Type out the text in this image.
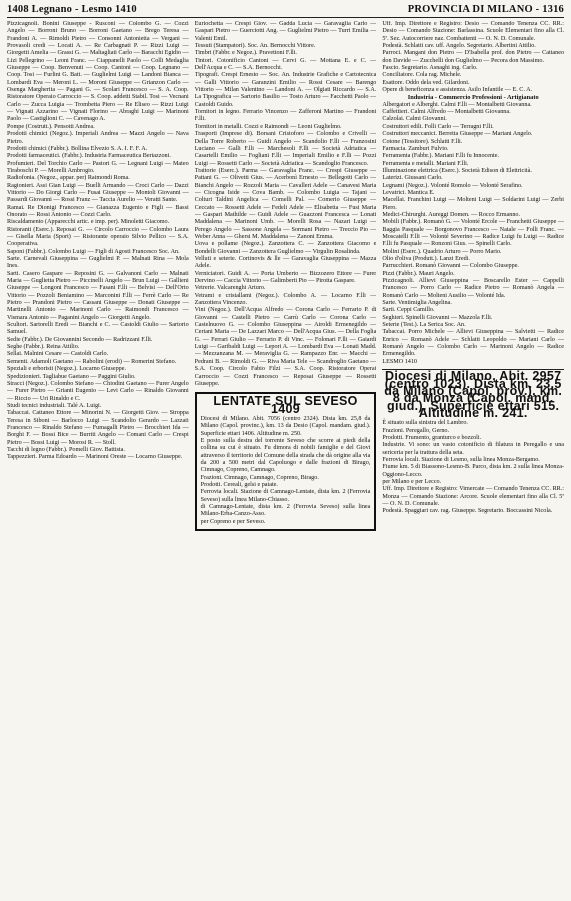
1408 Legnano - Lesmo 1410	PROVINCIA DI MILANO - 1316

Pizzicagnoli. Bonini Giuseppe - Rusconi — Colombo G. — Cozzi Angelo — Borroni Bruno — Borroni Gaetano — Brego Teresa — Frandoni A. — Rimoldi Pietro — Consonni Antonietta — Vergani — Provasoli credi — Locati A. — Re Carbagnati P. — Rizzi Luigi — Giorgetti Amelia — Grassi G. — Maltagliati Carlo — Baracchi Egidio — Lizi Pellegrino — Leoni Franc. — Ciappanelli Paolo — Colli Medaglia Giuseppe — Coop. Benvenuti — Coop. Cantoni — Coop. Legnano — Coop. Tosi — Furlini G. Batt. — Guglielmi Luigi — Landoni Bianca — Lombardi Eva — Meroni L. — Moroni Giuseppe — Grianzon Carlo — Osenga Margherita — Pagani G. — Scolari Francesco — S. A. Coop. Ristoratore Operaio Carroccio — S. Coop. addetti Stabil. Tosi — Vecnani Carlo — Zucca Luigia — Trombetta Piero — Re Eliseo — Rizzi Luigi — Vignati Azzarino — Vignati Florino — Abraghi Luigi — Marinoni Paolo — Castiglioni C. — Cavenago A.

Pompe (Costrutt.). Pensotti Andrea.

Prodotti chimici (Negoz.). Imperiali Andrea — Mazzi Angelo — Nava Pietro.

Prodotti chimici (Fabbr.). Bollina Elvezio S. A. I. F. F. A.

Prodotti farmaceutici. (Fabbr.). Industria Farmaceutica Bertazzoni.

Profumieri. Del Torchio Carlo — Pastori G. — Legnani Luigi — Mateo Tiraboschi P. — Morelli Ambrogio.

Radiofonia. (Negoz., appar. per) Raimondi Roma.

Ragionieri. Assi Gian Luigi — Buelli Armando — Croci Carlo — Dazzi Vittorio — Do Giorgi Carlo — Fusai Giuseppe — Montoli Giovanni — Passardi Giovanni — Rossi Franz — Taccia Aurelio — Veratti Sante.

Ramai. Re Dionigi Francesco — Gianazza Eugenio e Figli — Bassi Onorato — Rossi Antonio — Cozzi Carlo.

Riscaldamento (Apparecchi artic. e imp. per). Minoletti Giacomo.

Ristoranti (Eserc.). Reposai G. — Circolo Carroccio — Colombo Laura — Gisella Maria (Sport) — Ristorante operaio Silvio Pellico — S.A. Cooperativa.

Saponi (Fabbr.). Colombo Luigi — Figli di Agosti Francesco Soc. An.

Sarte. Carnevali Giuseppina — Guglielmi P. — Malnati Rina — Mola Ines.

Sarti. Casero Gaspare — Reposini G. — Galvanoni Carlo — Malnati Maria — Guglietta Pietro — Piccinelli Angelo — Brun Luigi — Gallieni Giuseppe — Longoni Francesco — Fasani F.lli — Belvisi — Dell'Orto Vittorio — Pozzoli Beniamino — Marconini F.lli — Ferrè Carlo — Re Pietro — Prandoni Pietro — Cassani Giuseppe — Donati Giuseppe — Martinelli Antonio — Marinoni Carlo — Raimondi Francesco — Vismara Antonio — Paganini Angelo — Giorgetti Angelo.

Scultori. Sartorelli Eredi — Bianchi e C. — Castoldi Giulio — Sartorio Samuel.

Sedie (Fabbr.). De Giovannini Secondo — Radrizzani F.lli.

Seghe (Fabbr.). Reina Attilio.

Sellai. Malnini Cesare — Castoldi Carlo.

Sementi. Adamoli Gaetano — Rabolini (erodi) — Romerini Stefano.

Speziali e erboristi (Negoz.). Locarno Giuseppe.

Spedizionieri. Tagliabue Gaetano — Paggini Giulio.

Stracci (Negoz.). Colombo Stefano — Chiodini Gaetano — Furer Angelo — Furer Pietro — Grianti Eugenio — Levi Carlo — Rinaldo Giovanni — Riccio — Uri Rinaldo e C.

Studi tecnici industriali. Talé A. Luigi.

Tabaccai. Cattaneo Ettore — Minorini N. — Giorgetti Giov. — Stroppa Teresa in Siboni — Barlocco Luigi — Scandolio Gerardo — Lazzati Francesco — Rinaldo Stefano — Fumagalli Pietro — Brocchieri Ida — Borghi F. — Bossi Bice — Burriti Angelo — Comani Carlo — Crespi Pietro — Bossi Luigi — Morosi R. — Stoll.

Tacchi di legno (Fabbr.). Pomelli Giov. Battista.

Tappezzieri. Parma Edoardo — Marinoni Oreste — Locarno Giuseppe.

Euriochetta — Crespi Giov. — Gadda Lucia — Garavaglia Carlo — Gaspari Pietro — Guerciotti Ang. — Guglielmi Pietro — Turri Emilia — Valenti Emil.

Tessuti (Stampatori). Soc. An. Bernocchi Vittore.

Timbri (Fabbr. e Negoz.). Pravettoni F.lli.

Tintori. Cotonificio Cantoni — Cervi G. — Mottana E. e C. — Dell'Acqua e C. — S.A. Bernocchi.

Tipografi. Crespi Ernesto — Soc. An. Industrie Grafiche e Cartotecnica — Galli Vittorio — Garanzini Emilio — Rossi Cesare — Barengo Vittorio — Milan Valentino — Landoni A. — Olgiati Riccardo — S.A. La Tipografica — Sartorio Basilio — Tosto Arturo — Facchetti Paolo — Castoldi Guido.

Tornitori in legno. Ferrario Vincenzo — Zafferoni Martino — Frandoni F.lli.

Tornitori in metalli. Cozzi e Raimondi — Leoni Guglielmo.

Trasporti (Imprese di). Borsani Cristoforo — Colombo e Crivelli — Della Torre Roberto — Guidi Angelo — Scandolio F.lli — Franzosini Luciano — Galli F.lli — Marchesoli F.lli — Società Adriatica — Casartelli Emilio — Fogliani F.lli — Imperiali Emilio e F.lli — Pozzi Luigi — Rossetti Carlo — Società Adriatica — Scandoglio Francesco.

Trattorie (Eserc.). Parma — Garavaglia Franc. — Crespi Giuseppe — Pattani G. — Olivetti Gius. — Acerbonì Ernesto — Bellegotti Carlo — Bianchi Angelo — Rozzoli Maria — Cavalleri Adele — Canavesi Maria — Cicogna Iside — Cova Bamb. — Colombo Luigia — Tajani — Colturi Taldini Angelica — Comelli Pal. — Comerio Giuseppe — Ceccato — Rossetti Adele — Fedeli Adele — Elisabetta — Fusi Maria — Gaspari Mathilde — Guidi Adele — Guazzoni Francesca — Lonati Maddalena — Marinoni Umb. — Morelli Rosa — Nazari Luigi — Perego Angelo — Sassone Angela — Sormani Pietro — Treccio Pio — Weber Anna — Ghersi M. Maddalena — Zanoni Emma.

Uova e pollame (Negoz.). Zanzottera C. — Zanzottera Giacomo e Bondelli Giovanni — Zanzottera Guglielmo — Virgulin Rosalinda.

Velluti e seterie. Cortinovis & lle — Garavaglia Giuseppina — Mazza Adele.

Verniciatori. Guidi A. — Porta Umberto — Bizzozero Ettore — Furer Dervino — Caccia Vittorio — Galimberti Pio — Pirotta Gaspare.

Vetrerie. Valcarenghi Arturo.

Vetrami e cristallami (Negoz.). Colombo A. — Locarno F.lli — Zanzottera Vincenzo.

Vini (Negoz.). Dell'Acqua Alfredo — Corona Carlo — Ferrario P. di Giovanni — Castelli Pietro — Carrù Carlo — Corona Carlo — Castelnuovo G. — Colombo Giuseppina — Airoldi Ermenegildo — Ceriani Maria — De Lazzari Marco — Dell'Acqua Gius. — Della Foglia G. — Ferrari Giulio — Ferrario P. di Vinc. — Folonari F.lli — Gaiardi Luigi — Garibaldi Luigi — Lepori A. — Lombardi Eva — Lonati Madd. — Mezzanzana M. — Meraviglia G. — Rampazzo Enr. — Macchi — Pedrani B. — Rimoldi G. — Riva Maria Tele — Scandroglio Gaetano — S.A. Coop. Circolo Fabio Filzi — S.A. Coop. Ristoratore Operai Carroccio — Cozzi Francesco — Reposai Giuseppe — Rossetti Giuseppe.

LENTATE SUL SEVESO 1409

Diocesi di Milano. Abit. 7056 (centro 2324). Dista km. 25,8 da Milano (Capol. provinc.), km. 13 da Desio (Capol. mandam. giud.). Superficie ettari 1406. Altitudine m. 250.

E posto sulla destra del torrente Seveso che scorre ai piedi della collina su cui è situato. Fu dimora di nobili famiglie e del Giovi attraverso il territorio del Comune della strada che dà origine alla via da 200 a 500 metri dal Capoluogo e dalle frazioni di Birago, Cimnago, Copreno, Camnago.

Frazioni. Cimnago, Camnago, Copreno, Birago.

Prodotti. Cereali, gelsi e patate.

Ferrovia locali. Stazione di Camnago-Lentate, dista km. 2 (Ferrovia Seveso) sulla linea Milano-Chiasso.

di Camnago-Lentate, dista km. 2 (Ferrovia Seveso) sulla linea Milano-Erba-Canzo-Asso.

per Copreno e per Seveso.

Uff. Imp. Direttore e Registro: Desio — Comando Tenenza CC. RR.: Desio — Comando Stazione: Barlassina. Scuole Elementari fino alla Cl. 5ª. Sez. Autocorriere naz. Combattenti — O. N. D. Comunale.

Podestà. Schlatti cav. uff. Angelo. Segretario. Albertini Attilio.

Parroci. Mangani don Pietro — D'Isabella prof. don Pietro — Cattaneo don Davide — Zucchelli don Guglielmo — Pecora don Massimo.

Fascio. Segretario. Asnaghi ing. Carlo.

Conciliatore. Cola rag. Michele.

Esattore. Oddo dela ved. Gilardoni.

Opere di beneficenza e assistenza. Asilo Infantile — E. C. A.

Industria - Commercio Professioni - Artigianato

Albergatori e Alberghi. Calmi F.lli — Montalbetti Giovanna.

Caffettieri. Calmi Alfredo — Montalbetti Giovanna.

Calzolai. Calmi Giovanni.

Costruttori edili. Folli Carlo — Terragni F.lli.

Costruttori meccanici. Berretta Giuseppe — Mariani Angelo.

Cotone (Tessitore). Schlatti F.lli.

Farmacia. Zamburi Fulvio.

Ferramenta (Fabbr.). Mariani F.lli fu Innocente.

Ferramenta e metalli. Mariani F.lli.

Illuminazione elettrica (Eserc.). Società Edison di Elettricità.

Laterizi. Giussani Carlo.

Legnami (Negoz.). Volonté Romolo — Volonté Serafino.

Levatrici. Mantica E.

Macellai. Franchini Luigi — Molteni Luigi — Soldarini Luigi — Zerbi Piero.

Medici-Chirurghi. Aureggi Domen. — Rocco Ermanno.

Mobili (Fabbr.). Romanò G. — Volonté Ercole — Franchetti Giuseppe — Baggia Pasquale — Borgonovo Francesco — Natale — Folli Franc. — Moscatelli F.lli — Volonté Severino — Radice Luigi fu Luigi — Radice F.lli fu Pasquale — Ronzoni Gius. — Spinelli Carlo.

Molini (Eserc.). Quadrio Arturo — Porro Mario.

Olio d'oliva (Produtt.). Lanzi Eredi.

Parrucchieri. Romanò Giovanni — Colombo Giuseppe.

Pizzi (Fabbr.). Mauri Angelo.

Pizzicagnoli. Allievi Giuseppina — Boscarello Ester — Cappelli Francesco — Porro Carlo — Radice Pietro — Romanò Angela — Romanò Carlo — Molteni Ausilio — Volonté Ida.

Sarte. Ventimiglia Angelina.

Sarti. Ceppi Camillo.

Seghieri. Spinelli Giovanni — Mazzola F.lli.

Seterie (Test.). La Serica Soc. An.

Tabaccai. Porro Michele — Allievi Giuseppina — Salvietti — Radice Enrico — Romanò Adele — Schlatti Leopoldo — Mariani Carlo — Romanò Angelo — Colombo Carlo — Marinoni Angelo — Radice Ermenegildo.

LESMO 1410

Diocesi di Milano, Abit. 2957 (centro 1023). Dista km. 23,5 da Milano (Capol. prov.), km. 8 da Monza (Capol. mand. giud.). Superficie ettari 515. Altitudine m. 241.

È situato sulla sinistra del Lambro.

Frazioni. Peregallo, Gerno.

Prodotti. Frumento, granturco e bozzoli.

Industrie. Vi sono: un vasto cotonificio di filatura in Peregallo e una sericeria per la trattura della seta.

Ferrovia locali. Stazione di Lesmo, sulla linea Monza-Bergamo.

Fiume km. 5 di Biassono-Lesmo-B. Parco, dista km. 2 sulla linea Monza-Oggiono-Lecco.

per Milano e per Lecco.

Uff. Imp. Direttore e Registro: Vimercate — Comando Tenenza CC. RR.: Monza — Comando Stazione: Arcore. Scuole elementari fino alla Cl. 5ª — O. N. D. Comunale.

Podestà. Spaggiari cav. rag. Giuseppe. Segretario. Boccassini Nicola.
